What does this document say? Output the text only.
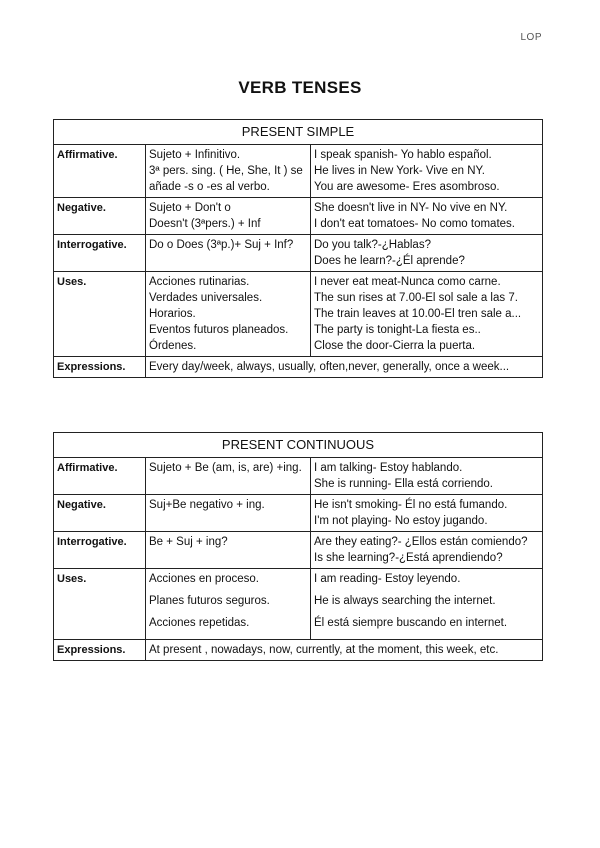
LOP
VERB TENSES
PRESENT SIMPLE		
Affirmative.	Sujeto + Infinitivo.
3ª pers. sing. ( He, She, It ) se
añade -s o -es al verbo.	I speak spanish- Yo hablo español.
He lives in New York- Vive en NY.
You are awesome- Eres asombroso.

Negative.	Sujeto + Don't o
Doesn't (3ªpers.) + Inf	She doesn't live in NY- No vive en NY.
I don't eat tomatoes- No como tomates.

Interrogative.	Do o Does (3ªp.)+ Suj + Inf?	Do you talk?-¿Hablas?
Does he learn?-¿Él aprende?

Uses.	Acciones rutinarias.
Verdades universales.
Horarios.
Eventos futuros planeados.
Órdenes.	I never eat meat-Nunca como carne.
The sun rises at 7.00-El sol sale a las 7.
The train leaves at 10.00-El tren sale a...
The party is tonight-La fiesta es..
Close the door-Cierra la puerta.

Expressions.	Every day/week, always, usually, often,never, generally, once a week...	
PRESENT CONTINUOUS		
Affirmative.	Sujeto + Be (am, is, are) +ing.	I am talking- Estoy hablando.
She is running- Ella está corriendo.

Negative.	Suj+Be negativo + ing.	He isn't smoking- Él no está fumando.
I'm not playing- No estoy jugando.

Interrogative.	Be + Suj + ing?	Are they eating?- ¿Ellos están comiendo?
Is she learning?-¿Está aprendiendo?

Uses.	Acciones en proceso.
Planes futuros seguros.
Acciones repetidas.	I am reading- Estoy leyendo.
He is always searching the internet.
Él está siempre buscando en internet.

Expressions.	At present , nowadays, now, currently, at the moment, this week, etc.	
